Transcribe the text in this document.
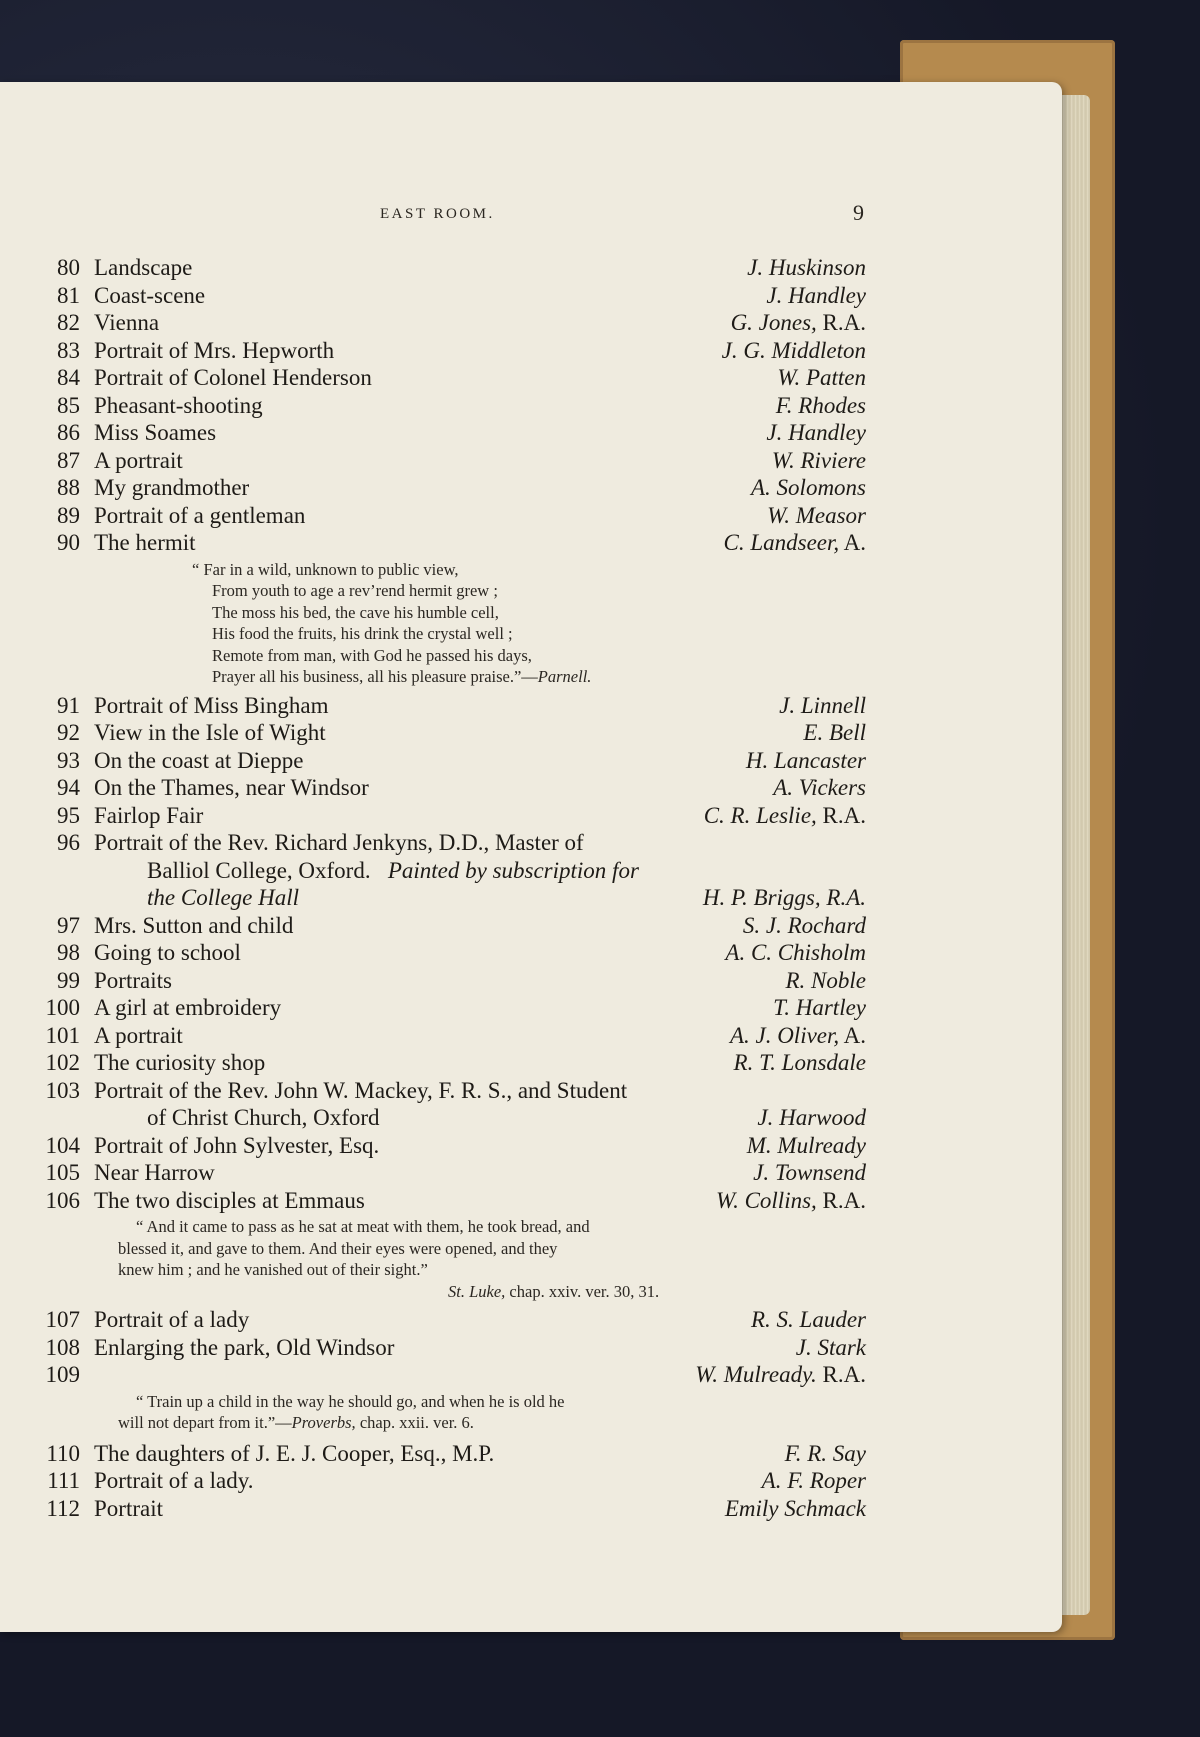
EAST ROOM.	9
80 Landscape	J. Huskinson
81 Coast-scene	J. Handley
82 Vienna	G. Jones, R.A.
83 Portrait of Mrs. Hepworth	J. G. Middleton
84 Portrait of Colonel Henderson	W. Patten
85 Pheasant-shooting	F. Rhodes
86 Miss Soames	J. Handley
87 A portrait	W. Riviere
88 My grandmother	A. Solomons
89 Portrait of a gentleman	W. Measor
90 The hermit	C. Landseer, A.
“ Far in a wild, unknown to public view,
From youth to age a rev’rend hermit grew ;
The moss his bed, the cave his humble cell,
His food the fruits, his drink the crystal well ;
Remote from man, with God he passed his days,
Prayer all his business, all his pleasure praise.”—Parnell.
91 Portrait of Miss Bingham	J. Linnell
92 View in the Isle of Wight	E. Bell
93 On the coast at Dieppe	H. Lancaster
94 On the Thames, near Windsor	A. Vickers
95 Fairlop Fair	C. R. Leslie, R.A.
96 Portrait of the Rev. Richard Jenkyns, D.D., Master of
Balliol College, Oxford. Painted by subscription for
the College Hall	H. P. Briggs, R.A.
97 Mrs. Sutton and child	S. J. Rochard
98 Going to school	A. C. Chisholm
99 Portraits	R. Noble
100 A girl at embroidery	T. Hartley
101 A portrait	A. J. Oliver, A.
102 The curiosity shop	R. T. Lonsdale
103 Portrait of the Rev. John W. Mackey, F. R. S., and Student
of Christ Church, Oxford	J. Harwood
104 Portrait of John Sylvester, Esq.	M. Mulready
105 Near Harrow	J. Townsend
106 The two disciples at Emmaus	W. Collins, R.A.
“ And it came to pass as he sat at meat with them, he took bread, and
blessed it, and gave to them. And their eyes were opened, and they
knew him ; and he vanished out of their sight.”
St. Luke, chap. xxiv. ver. 30, 31.
107 Portrait of a lady	R. S. Lauder
108 Enlarging the park, Old Windsor	J. Stark
109	W. Mulready. R.A.
“ Train up a child in the way he should go, and when he is old he
will not depart from it.”—Proverbs, chap. xxii. ver. 6.
110 The daughters of J. E. J. Cooper, Esq., M.P.	F. R. Say
111 Portrait of a lady.	A. F. Roper
112 Portrait	Emily Schmack
